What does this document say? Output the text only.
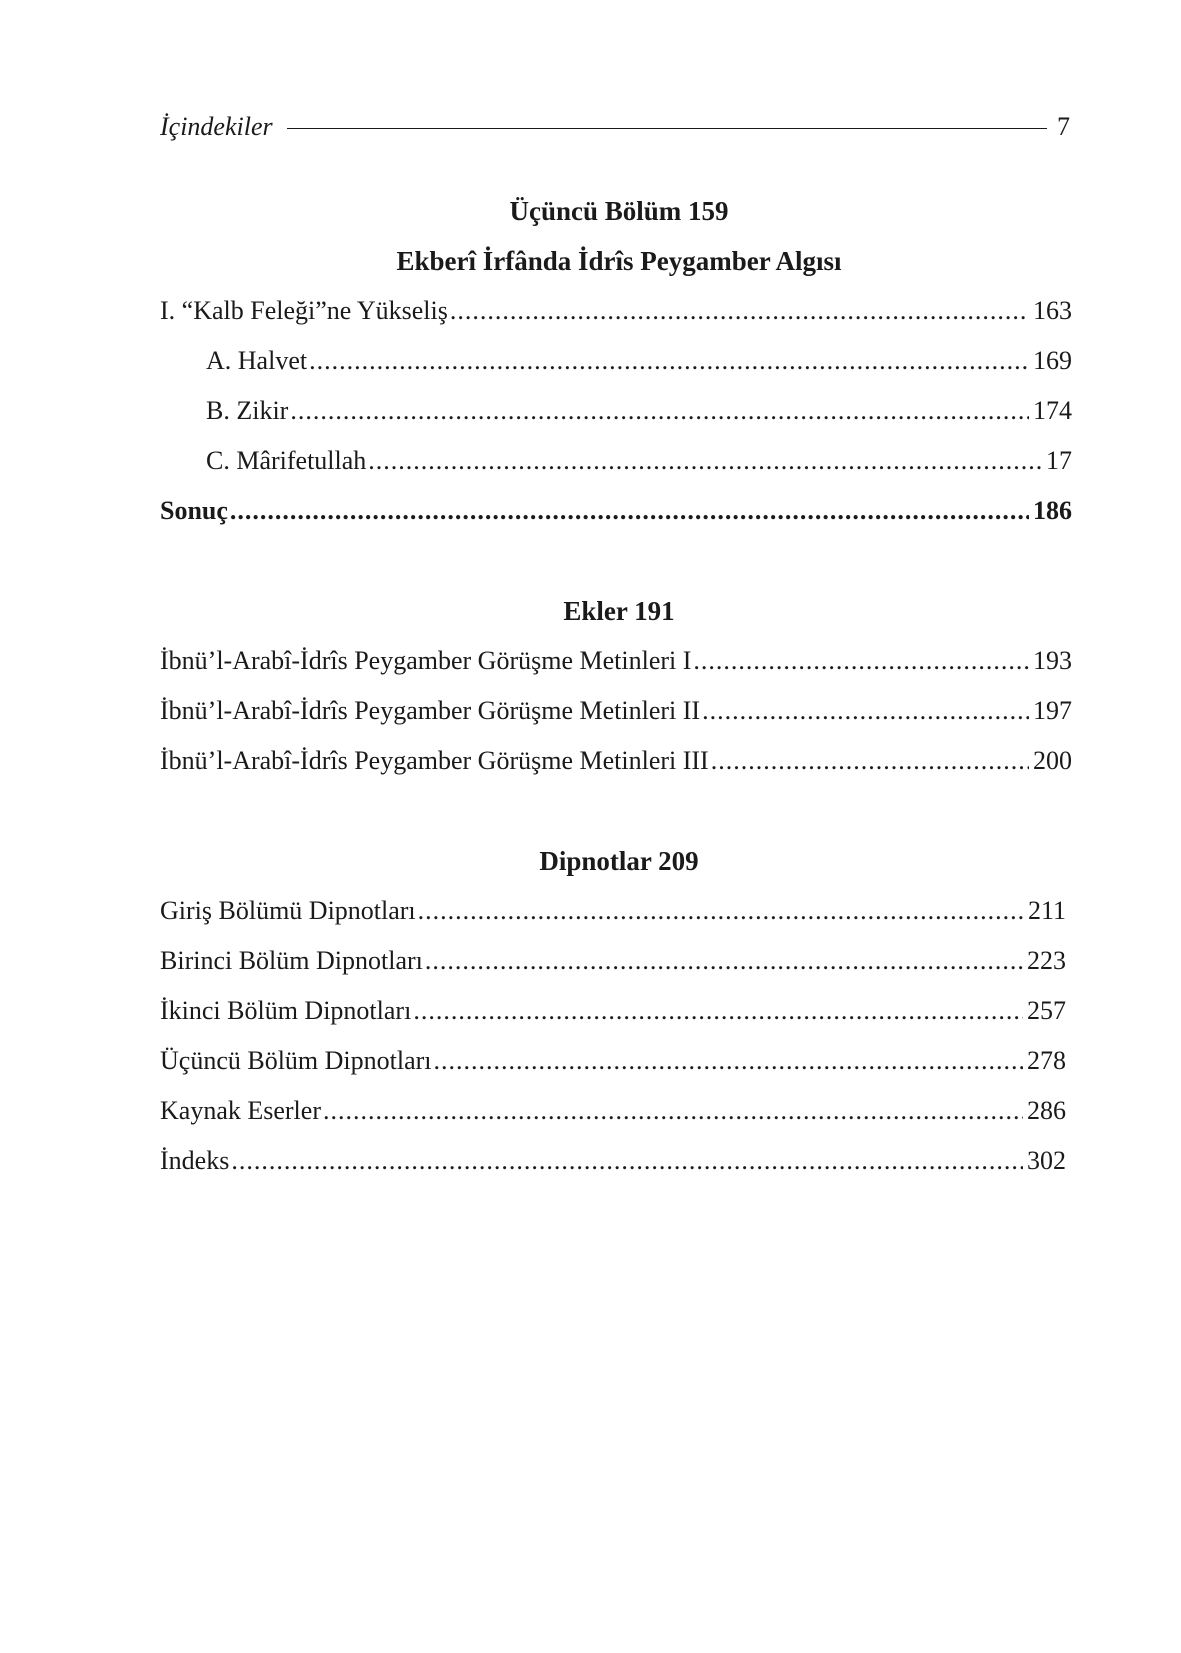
İçindekiler	7
Üçüncü Bölüm 159
Ekberî İrfânda İdrîs Peygamber Algısı
I. “Kalb Feleği”ne Yükseliş .....	163
A. Halvet .....	169
B. Zikir .....	174
C. Mârifetullah .....	17
Sonuç .....	186
Ekler 191
İbnü’l-Arabî-İdrîs Peygamber Görüşme Metinleri I .....	193
İbnü’l-Arabî-İdrîs Peygamber Görüşme Metinleri II .....	197
İbnü’l-Arabî-İdrîs Peygamber Görüşme Metinleri III .....	200
Dipnotlar 209
Giriş Bölümü Dipnotları .....	211
Birinci Bölüm Dipnotları .....	223
İkinci Bölüm Dipnotları .....	257
Üçüncü Bölüm Dipnotları .....	278
Kaynak Eserler .....	286
İndeks .....	302
